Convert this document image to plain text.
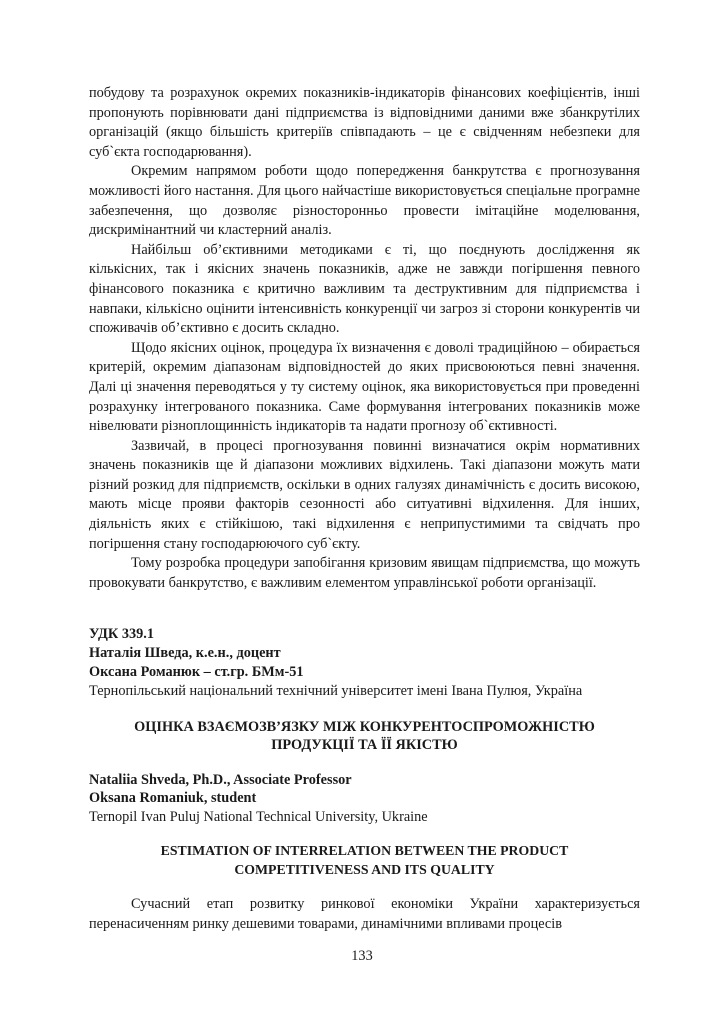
побудову та розрахунок окремих показників-індикаторів фінансових коефіцієнтів, інші пропонують порівнювати дані підприємства із відповідними даними вже збанкрутілих організацій (якщо більшість критеріїв співпадають – це є свідченням небезпеки для суб`єкта господарювання).

Окремим напрямом роботи щодо попередження банкрутства є прогнозування можливості його настання. Для цього найчастіше використовується спеціальне програмне забезпечення, що дозволяє різносторонньо провести імітаційне моделювання, дискримінантний чи кластерний аналіз.

Найбільш об’єктивними методиками є ті, що поєднують дослідження як кількісних, так і якісних значень показників, адже не завжди погіршення певного фінансового показника є критично важливим та деструктивним для підприємства і навпаки, кількісно оцінити інтенсивність конкуренції чи загроз зі сторони конкурентів чи споживачів об’єктивно є досить складно.

Щодо якісних оцінок, процедура їх визначення є доволі традиційною – обирається критерій, окремим діапазонам відповідностей до яких присвоюються певні значення. Далі ці значення переводяться у ту систему оцінок, яка використовується при проведенні розрахунку інтегрованого показника. Саме формування інтегрованих показників може нівелювати різноплощинність індикаторів та надати прогнозу об`єктивності.

Зазвичай, в процесі прогнозування повинні визначатися окрім нормативних значень показників ще й діапазони можливих відхилень. Такі діапазони можуть мати різний розкид для підприємств, оскільки в одних галузях динамічність є досить високою, мають місце прояви факторів сезонності або ситуативні відхилення. Для інших, діяльність яких є стійкішою, такі відхилення є неприпустимими та свідчать про погіршення стану господарюючого суб`єкту.

Тому розробка процедури запобігання кризовим явищам підприємства, що можуть провокувати банкрутство, є важливим елементом управлінської роботи організації.

УДК 339.1

Наталія Шведа, к.е.н., доцент

Оксана Романюк – ст.гр. БМм-51

Тернопільський національний технічний університет імені Івана Пулюя, Україна

ОЦІНКА ВЗАЄМОЗВ’ЯЗКУ МІЖ КОНКУРЕНТОСПРОМОЖНІСТЮ
ПРОДУКЦІЇ ТА ЇЇ ЯКІСТЮ

Nataliia Shveda, Ph.D., Associate Professor

Oksana Romaniuk, student

Ternopil Ivan Puluj National Technical University, Ukraine

ESTIMATION OF INTERRELATION BETWEEN THE PRODUCT
COMPETITIVENESS AND ITS QUALITY

Сучасний етап розвитку ринкової економіки України характеризується перенасиченням ринку дешевими товарами, динамічними впливами процесів

133
